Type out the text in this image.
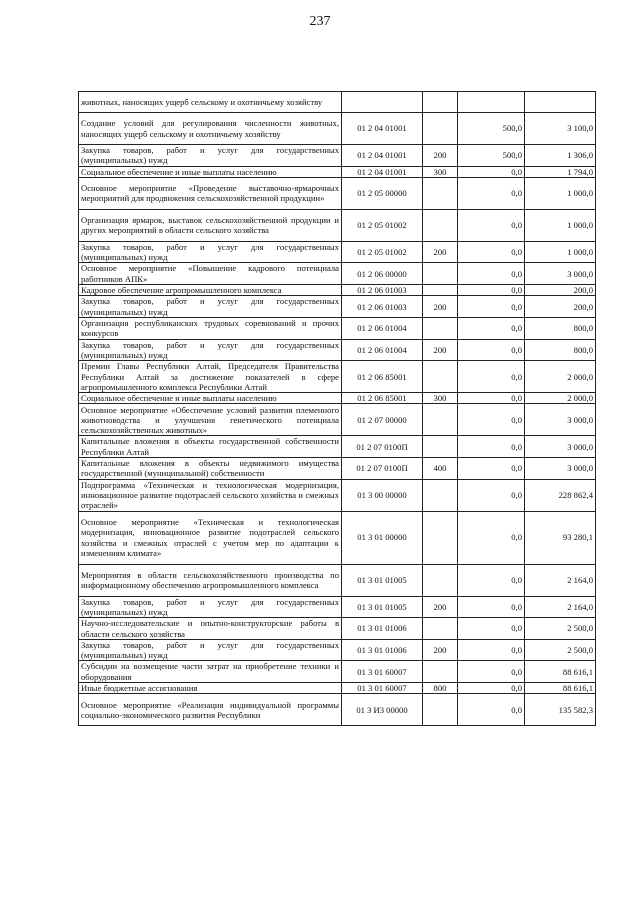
237
животных, наносящих ущерб сельскому и охотничьему хозяйству				
Создание условий для регулирования численности животных, наносящих ущерб сельскому и охотничьему хозяйству	01 2 04 01001		500,0	3 100,0
Закупка товаров, работ и услуг для государственных (муниципальных) нужд	01 2 04 01001	200	500,0	1 306,0
Социальное обеспечение и иные выплаты населению	01 2 04 01001	300	0,0	1 794,0
Основное мероприятие «Проведение выставочно-ярмарочных мероприятий для продвижения сельскохозяйственной продукции»	01 2 05 00000		0,0	1 000,0
Организация ярмарок, выставок сельскохозяйственной продукции и других мероприятий в области сельского хозяйства	01 2 05 01002		0,0	1 000,0
Закупка товаров, работ и услуг для государственных (муниципальных) нужд	01 2 05 01002	200	0,0	1 000,0
Основное мероприятие «Повышение кадрового потенциала работников АПК»	01 2 06 00000		0,0	3 000,0
Кадровое обеспечение агропромышленного комплекса	01 2 06 01003		0,0	200,0
Закупка товаров, работ и услуг для государственных (муниципальных) нужд	01 2 06 01003	200	0,0	200,0
Организация республиканских трудовых соревнований и прочих конкурсов	01 2 06 01004		0,0	800,0
Закупка товаров, работ и услуг для государственных (муниципальных) нужд	01 2 06 01004	200	0,0	800,0
Премии Главы Республики Алтай, Председателя Правительства Республики Алтай за достижение показателей в сфере агропромышленного комплекса Республики Алтай	01 2 06 85001		0,0	2 000,0
Социальное обеспечение и иные выплаты населению	01 2 06 85001	300	0,0	2 000,0
Основное мероприятие «Обеспечение условий развития племенного животноводства и улучшения генетического потенциала сельскохозяйственных животных»	01 2 07 00000		0,0	3 000,0
Капитальные вложения в объекты государственной собственности Республики Алтай	01 2 07 0100П		0,0	3 000,0
Капитальные вложения в объекты недвижимого имущества государственной (муниципальной) собственности	01 2 07 0100П	400	0,0	3 000,0
Подпрограмма «Техническая и технологическая модернизация, инновационное развитие подотраслей сельского хозяйства и смежных отраслей»	01 3 00 00000		0,0	228 862,4
Основное мероприятие «Техническая и технологическая модернизация, инновационное развитие подотраслей сельского хозяйства и смежных отраслей с учетом мер по адаптации к изменениям климата»	01 3 01 00000		0,0	93 280,1
Мероприятия в области сельскохозяйственного производства по информационному обеспечению агропромышленного комплекса	01 3 01 01005		0,0	2 164,0
Закупка товаров, работ и услуг для государственных (муниципальных) нужд	01 3 01 01005	200	0,0	2 164,0
Научно-исследовательские и опытно-конструкторские работы в области сельского хозяйства	01 3 01 01006		0,0	2 500,0
Закупка товаров, работ и услуг для государственных (муниципальных) нужд	01 3 01 01006	200	0,0	2 500,0
Субсидии на возмещение части затрат на приобретение техники и оборудования	01 3 01 60007		0,0	88 616,1
Иные бюджетные ассигнования	01 3 01 60007	800	0,0	88 616,1
Основное мероприятие «Реализация индивидуальной программы социально-экономического развития Республики	01 3 И3 00000		0,0	135 582,3
